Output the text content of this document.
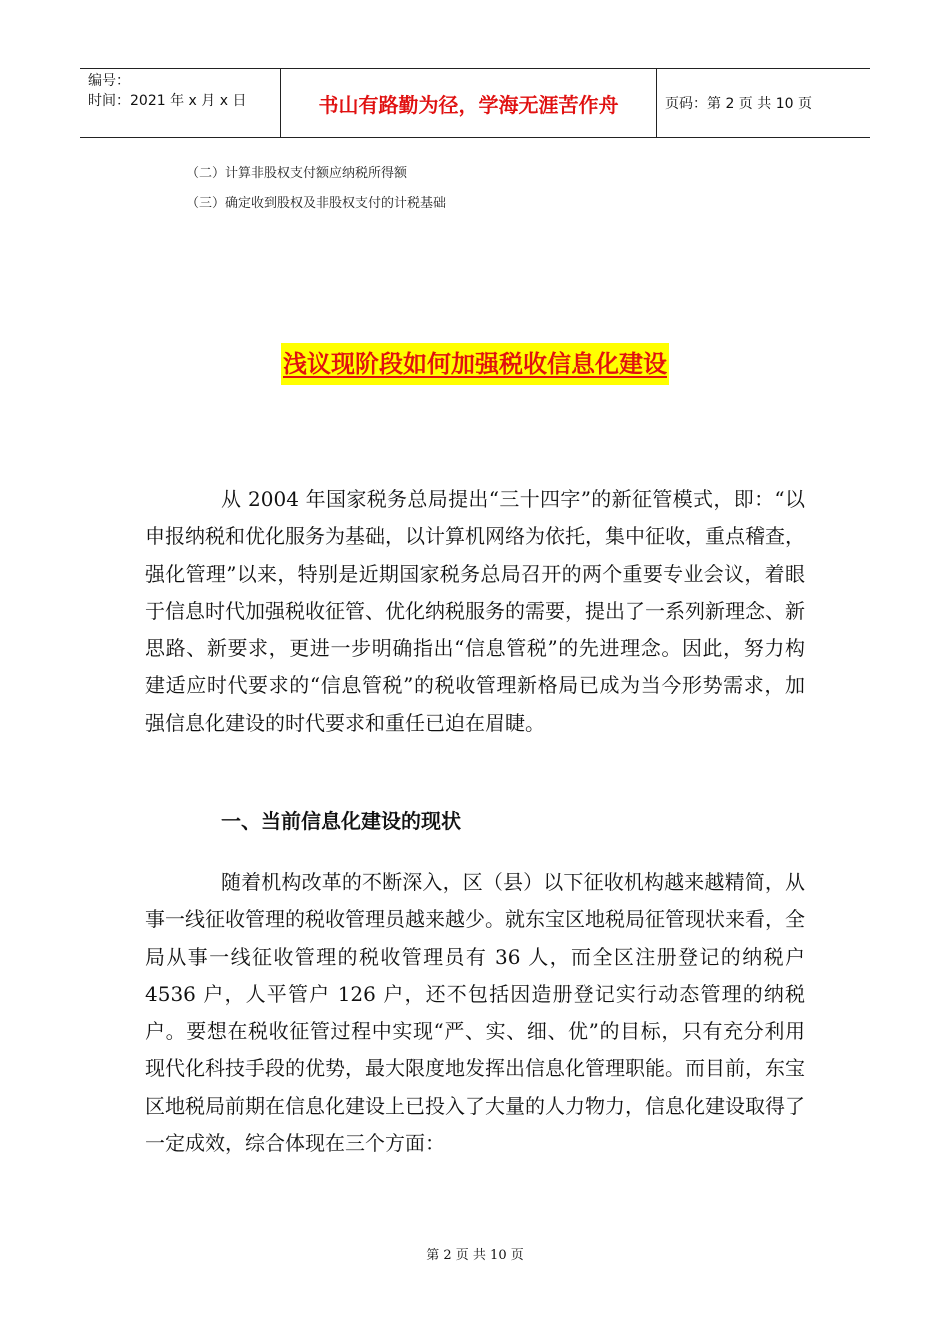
编号：
时间：2021 年 x 月 x 日	书山有路勤为径，学海无涯苦作舟	页码：第 2 页 共 10 页
（二）计算非股权支付额应纳税所得额
（三）确定收到股权及非股权支付的计税基础
浅议现阶段如何加强税收信息化建设

从 2004 年国家税务总局提出“三十四字”的新征管模式，即：“以申报纳税和优化服务为基础，以计算机网络为依托，集中征收，重点稽查，强化管理”以来，特别是近期国家税务总局召开的两个重要专业会议，着眼于信息时代加强税收征管、优化纳税服务的需要，提出了一系列新理念、新思路、新要求，更进一步明确指出“信息管税”的先进理念。因此，努力构建适应时代要求的“信息管税”的税收管理新格局已成为当今形势需求，加强信息化建设的时代要求和重任已迫在眉睫。

一、当前信息化建设的现状

随着机构改革的不断深入，区（县）以下征收机构越来越精简，从事一线征收管理的税收管理员越来越少。就东宝区地税局征管现状来看，全局从事一线征收管理的税收管理员有 36 人，而全区注册登记的纳税户 4536 户，人平管户 126 户，还不包括因造册登记实行动态管理的纳税户。要想在税收征管过程中实现“严、实、细、优”的目标，只有充分利用现代化科技手段的优势，最大限度地发挥出信息化管理职能。而目前，东宝区地税局前期在信息化建设上已投入了大量的人力物力，信息化建设取得了一定成效，综合体现在三个方面：

第 2 页 共 10 页
